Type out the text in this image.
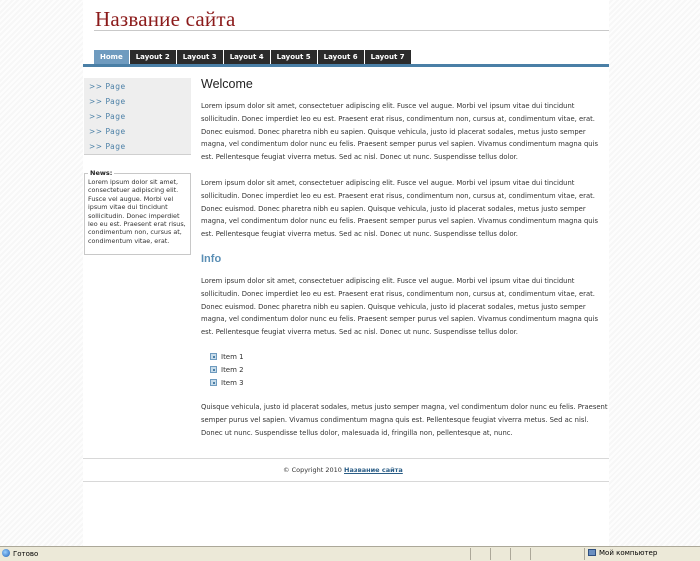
Название сайта
Home	Layout 2	Layout 3	Layout 4	Layout 5	Layout 6	Layout 7
>> Page
>> Page
>> Page
>> Page
>> Page
News:
Lorem ipsum dolor sit amet, consectetuer adipiscing elit. Fusce vel augue. Morbi vel ipsum vitae dui tincidunt sollicitudin. Donec imperdiet leo eu est. Praesent erat risus, condimentum non, cursus at, condimentum vitae, erat.
Welcome
Lorem ipsum dolor sit amet, consectetuer adipiscing elit. Fusce vel augue. Morbi vel ipsum vitae dui tincidunt sollicitudin. Donec imperdiet leo eu est. Praesent erat risus, condimentum non, cursus at, condimentum vitae, erat. Donec euismod. Donec pharetra nibh eu sapien. Quisque vehicula, justo id placerat sodales, metus justo semper magna, vel condimentum dolor nunc eu felis. Praesent semper purus vel sapien. Vivamus condimentum magna quis est. Pellentesque feugiat viverra metus. Sed ac nisl. Donec ut nunc. Suspendisse tellus dolor.
Lorem ipsum dolor sit amet, consectetuer adipiscing elit. Fusce vel augue. Morbi vel ipsum vitae dui tincidunt sollicitudin. Donec imperdiet leo eu est. Praesent erat risus, condimentum non, cursus at, condimentum vitae, erat. Donec euismod. Donec pharetra nibh eu sapien. Quisque vehicula, justo id placerat sodales, metus justo semper magna, vel condimentum dolor nunc eu felis. Praesent semper purus vel sapien. Vivamus condimentum magna quis est. Pellentesque feugiat viverra metus. Sed ac nisl. Donec ut nunc. Suspendisse tellus dolor.
Info
Lorem ipsum dolor sit amet, consectetuer adipiscing elit. Fusce vel augue. Morbi vel ipsum vitae dui tincidunt sollicitudin. Donec imperdiet leo eu est. Praesent erat risus, condimentum non, cursus at, condimentum vitae, erat. Donec euismod. Donec pharetra nibh eu sapien. Quisque vehicula, justo id placerat sodales, metus justo semper magna, vel condimentum dolor nunc eu felis. Praesent semper purus vel sapien. Vivamus condimentum magna quis est. Pellentesque feugiat viverra metus. Sed ac nisl. Donec ut nunc. Suspendisse tellus dolor.
Item 1
Item 2
Item 3
Quisque vehicula, justo id placerat sodales, metus justo semper magna, vel condimentum dolor nunc eu felis. Praesent semper purus vel sapien. Vivamus condimentum magna quis est. Pellentesque feugiat viverra metus. Sed ac nisl. Donec ut nunc. Suspendisse tellus dolor, malesuada id, fringilla non, pellentesque at, nunc.
© Copyright 2010 Название сайта
Готово	Мой компьютер
